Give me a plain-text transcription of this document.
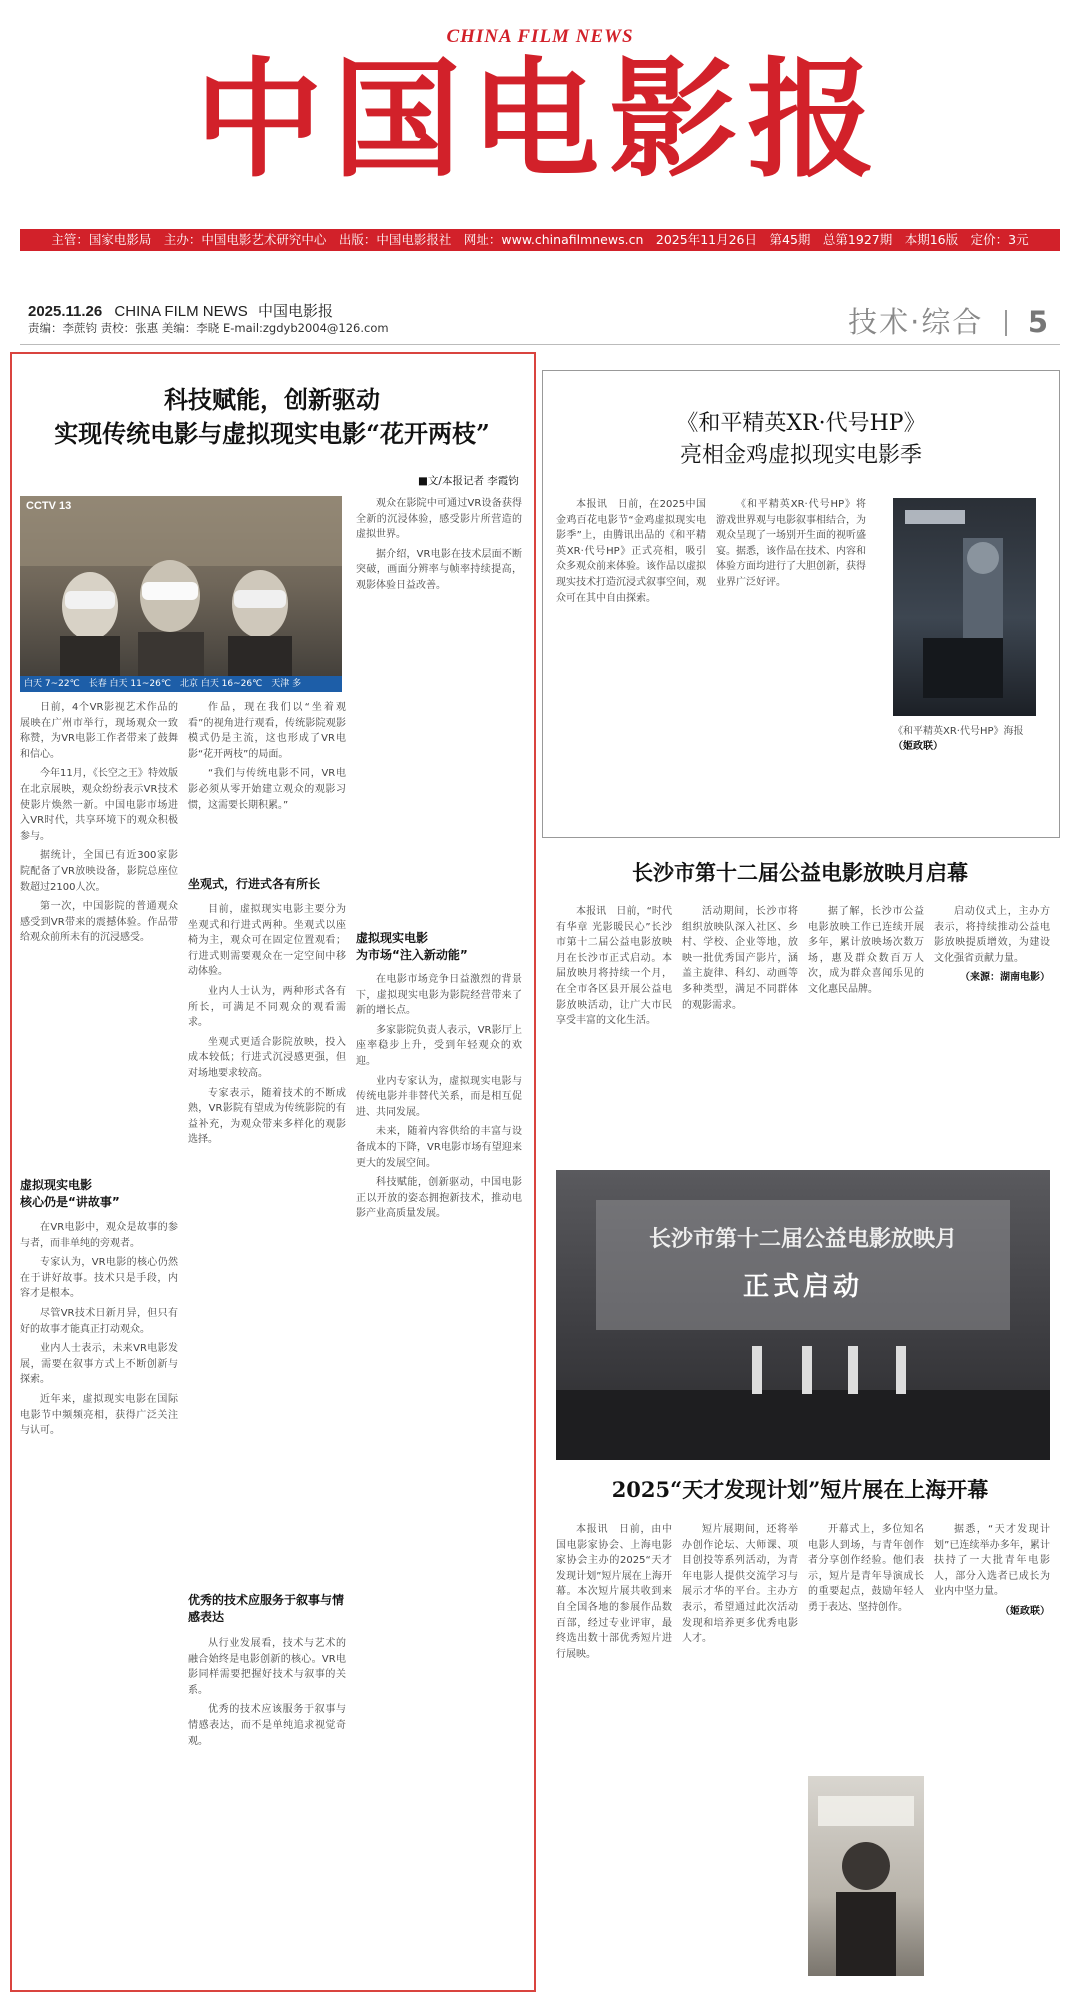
CHINA FILM NEWS
中国电影报
主管：国家电影局　主办：中国电影艺术研究中心　出版：中国电影报社　网址：www.chinafilmnews.cn　2025年11月26日　第45期　总第1927期　本期16版　定价：3元
2025.11.26 CHINA FILM NEWS 中国电影报
责编：李蔗钧 责校：张惠 美编：李晓 E-mail:zgdyb2004@126.com	技术·综合 5
科技赋能，创新驱动
实现传统电影与虚拟现实电影“花开两枝”
■文/本报记者 李霞钧
CCTV 13
白天 7~22℃　长春 白天 11~26℃　北京 白天 16~26℃　天津 多

日前，4个VR影视艺术作品的展映在广州市举行，现场观众一致称赞，为VR电影工作者带来了鼓舞和信心。

今年11月，《长空之王》特效版在北京展映，观众纷纷表示VR技术使影片焕然一新。中国电影市场进入VR时代，共享环境下的观众积极参与。

据统计，全国已有近300家影院配备了VR放映设备，影院总座位数超过2100人次。

第一次，中国影院的普通观众感受到VR带来的震撼体验。作品带给观众前所未有的沉浸感受。

虚拟现实电影
核心仍是“讲故事”

在VR电影中，观众是故事的参与者，而非单纯的旁观者。

专家认为，VR电影的核心仍然在于讲好故事。技术只是手段，内容才是根本。

尽管VR技术日新月异，但只有好的故事才能真正打动观众。

业内人士表示，未来VR电影发展，需要在叙事方式上不断创新与探索。

近年来，虚拟现实电影在国际电影节中频频亮相，获得广泛关注与认可。

作品，现在我们以“坐着观看”的视角进行观看，传统影院观影模式仍是主流，这也形成了VR电影“花开两枝”的局面。

“我们与传统电影不同，VR电影必须从零开始建立观众的观影习惯，这需要长期积累。”

坐观式，行进式各有所长

目前，虚拟现实电影主要分为坐观式和行进式两种。坐观式以座椅为主，观众可在固定位置观看；行进式则需要观众在一定空间中移动体验。

业内人士认为，两种形式各有所长，可满足不同观众的观看需求。

坐观式更适合影院放映，投入成本较低；行进式沉浸感更强，但对场地要求较高。

专家表示，随着技术的不断成熟，VR影院有望成为传统影院的有益补充，为观众带来多样化的观影选择。

优秀的技术应服务于叙事与情感表达

从行业发展看，技术与艺术的融合始终是电影创新的核心。VR电影同样需要把握好技术与叙事的关系。

优秀的技术应该服务于叙事与情感表达，而不是单纯追求视觉奇观。

观众在影院中可通过VR设备获得全新的沉浸体验，感受影片所营造的虚拟世界。

据介绍，VR电影在技术层面不断突破，画面分辨率与帧率持续提高，观影体验日益改善。

虚拟现实电影
为市场“注入新动能”

在电影市场竞争日益激烈的背景下，虚拟现实电影为影院经营带来了新的增长点。

多家影院负责人表示，VR影厅上座率稳步上升，受到年轻观众的欢迎。

业内专家认为，虚拟现实电影与传统电影并非替代关系，而是相互促进、共同发展。

未来，随着内容供给的丰富与设备成本的下降，VR电影市场有望迎来更大的发展空间。

科技赋能，创新驱动，中国电影正以开放的姿态拥抱新技术，推动电影产业高质量发展。

《和平精英XR·代号HP》
亮相金鸡虚拟现实电影季

本报讯　日前，在2025中国金鸡百花电影节“金鸡虚拟现实电影季”上，由腾讯出品的《和平精英XR·代号HP》正式亮相，吸引众多观众前来体验。该作品以虚拟现实技术打造沉浸式叙事空间，观众可在其中自由探索。

《和平精英XR·代号HP》将游戏世界观与电影叙事相结合，为观众呈现了一场别开生面的视听盛宴。据悉，该作品在技术、内容和体验方面均进行了大胆创新，获得业界广泛好评。

《和平精英XR·代号HP》海报 （姬政联）
长沙市第十二届公益电影放映月启幕

本报讯　日前，“时代有华章 光影暖民心”长沙市第十二届公益电影放映月在长沙市正式启动。本届放映月将持续一个月，在全市各区县开展公益电影放映活动，让广大市民享受丰富的文化生活。

活动期间，长沙市将组织放映队深入社区、乡村、学校、企业等地，放映一批优秀国产影片，涵盖主旋律、科幻、动画等多种类型，满足不同群体的观影需求。

据了解，长沙市公益电影放映工作已连续开展多年，累计放映场次数万场，惠及群众数百万人次，成为群众喜闻乐见的文化惠民品牌。

启动仪式上，主办方表示，将持续推动公益电影放映提质增效，为建设文化强省贡献力量。

（来源：湖南电影）

长沙市第十二届公益电影放映月
正式启动
2025“天才发现计划”短片展在上海开幕

本报讯　日前，由中国电影家协会、上海电影家协会主办的2025“天才发现计划”短片展在上海开幕。本次短片展共收到来自全国各地的参展作品数百部，经过专业评审，最终选出数十部优秀短片进行展映。

短片展期间，还将举办创作论坛、大师课、项目创投等系列活动，为青年电影人提供交流学习与展示才华的平台。主办方表示，希望通过此次活动发现和培养更多优秀电影人才。

开幕式上，多位知名电影人到场，与青年创作者分享创作经验。他们表示，短片是青年导演成长的重要起点，鼓励年轻人勇于表达、坚持创作。

据悉，“天才发现计划”已连续举办多年，累计扶持了一大批青年电影人，部分入选者已成长为业内中坚力量。

（姬政联）
